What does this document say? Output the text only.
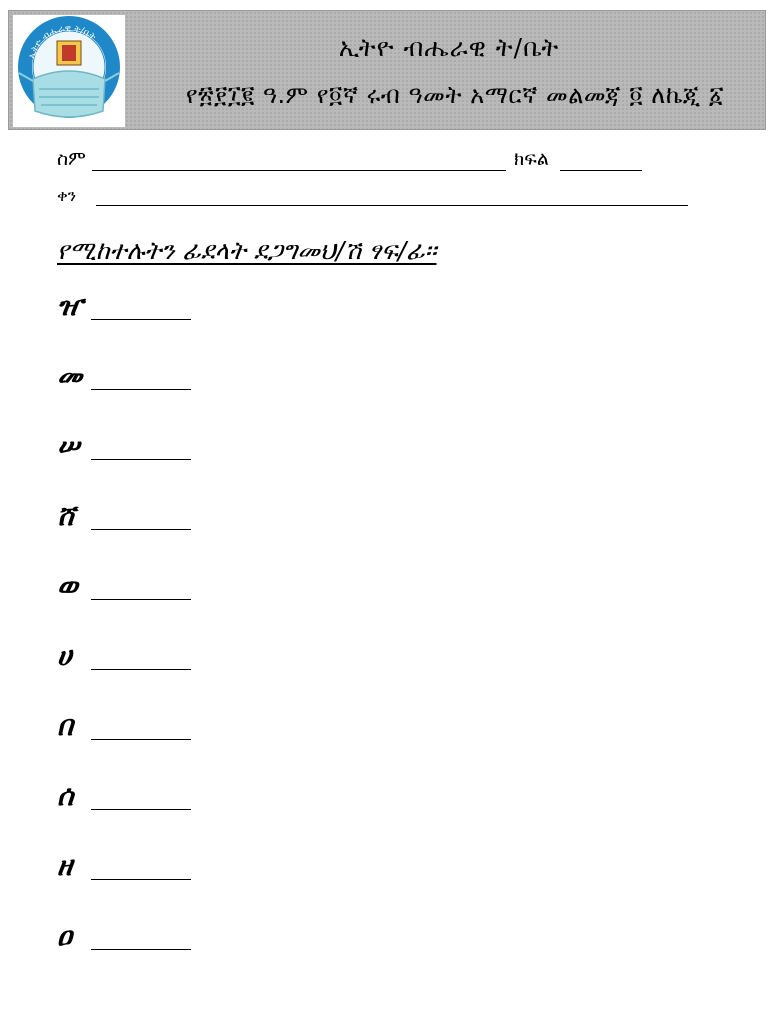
ኢትዮ ብሔራዊ ት/ቤት	ኢትዮ ብሔራዊ ት/ቤት
የ፳፻፲፪ ዓ.ም የ፬ኛ ሩብ ዓመት አማርኛ መልመጃ ፬ ለኬጂ ፩
ስም	ክፍል
ቀን
የሚከተሉትን ፊደላት ደጋግመህ/ሽ ፃፍ/ፊ፡፡
ዠ
መ
ሠ
ሸ
ወ
ሀ
በ
ሰ
ዘ
ዐ
